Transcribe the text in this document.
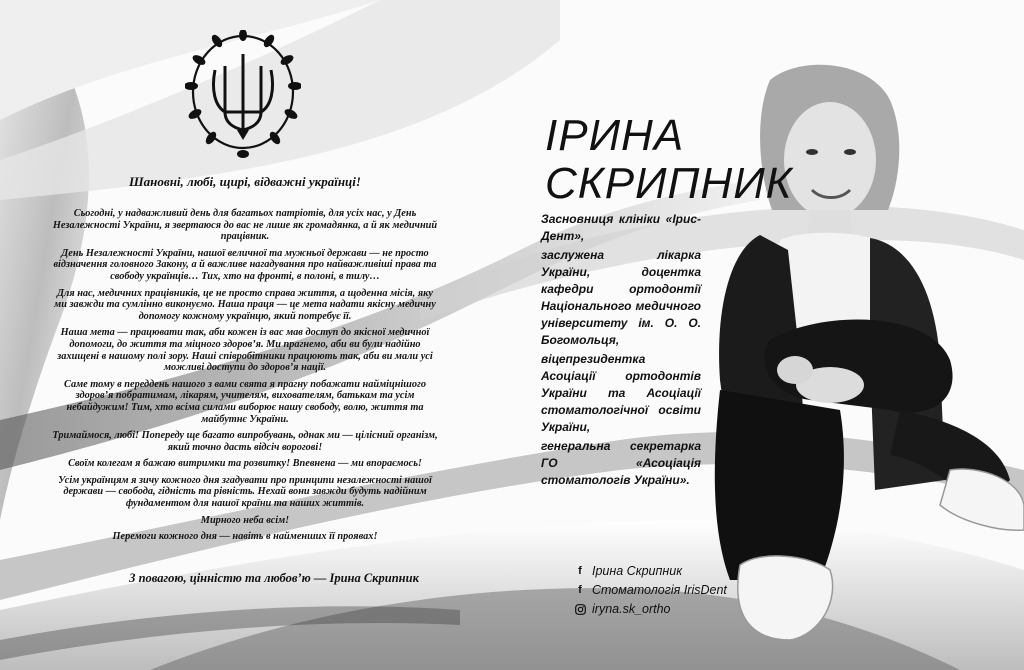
Шановні, любі, щирі, відважні українці!

Сьогодні, у надважливий день для багатьох патріотів, для усіх нас, у День Незалежності України, я звертаюся до вас не лише як громадянка, а й як медичний працівник.

День Незалежності України, нашої величної та мужньої держави — не просто відзначення головного Закону, а й важливе нагадування про найважливіші права та свободу українців… Тих, хто на фронті, в полоні, в тилу…

Для нас, медичних працівників, це не просто справа життя, а щоденна місія, яку ми завжди та сумлінно виконуємо. Наша праця — це мета надати якісну медичну допомогу кожному українцю, який потребує її.

Наша мета — працювати так, аби кожен із вас мав доступ до якісної медичної допомоги, до життя та міцного здоров’я. Ми прагнемо, аби ви були надійно захищені в нашому полі зору. Наші співробітники працюють так, аби ви мали усі можливі доступи до здоров’я нації.

Саме тому в переддень нашого з вами свята я прагну побажати найміцнішого здоров’я побратимам, лікарям, учителям, вихователям, батькам та усім небайдужим! Тим, хто всіма силами виборює нашу свободу, волю, життя та майбутнє України.

Тримаймося, любі! Попереду ще багато випробувань, однак ми — цілісний організм, який точно дасть відсіч ворогові!

Своїм колегам я бажаю витримки та розвитку! Впевнена — ми впораємось!

Усім українцям я зичу кожного дня згадувати про принципи незалежності нашої держави — свобода, гідність та рівність. Нехай вони завжди будуть надійним фундаментом для нашої країни та наших життів.

Мирного неба всім!

Перемоги кожного дня — навіть в найменших її проявах!

З повагою, цінністю та любов’ю — Ірина Скрипник
ІРИНА
СКРИПНИК

Засновниця клініки «Ірис-Дент»,

заслужена лікарка України, доцентка кафедри ортодонтії Національного медичного університету ім. О. О. Богомольця,

віцепрезидентка Асоціації ортодонтів України та Асоціації стоматологічної освіти України,

генеральна секретарка ГО «Асоціація стоматологів України».

f Ірина Скрипник
f Стоматологія IrisDent
iryna.sk_ortho
